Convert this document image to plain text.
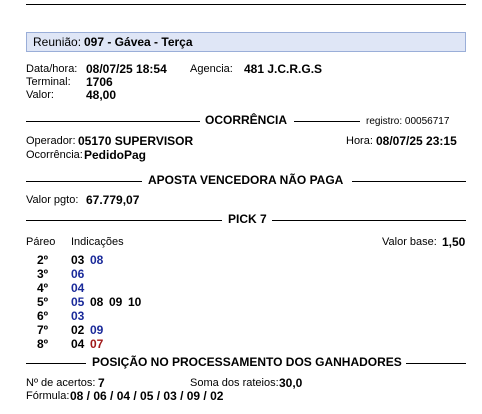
Reunião: 097 - Gávea - Terça
Data/hora: 08/07/25 18:54 Agencia: 481 J.C.R.G.S
Terminal: 1706
Valor:	48,00
OCORRÊNCIA	registro: 00056717
Operador: 05170 SUPERVISOR	Hora: 08/07/25 23:15
Ocorrência: PedidoPag
APOSTA VENCEDORA NÃO PAGA
Valor pgto: 67.779,07
PICK 7
Páreo Indicações	Valor base: 1,50
2º 03 08
3º 06
4º 04
5º 05 08 09 10
6º 03
7º 02 09
8º 04 07
POSIÇÃO NO PROCESSAMENTO DOS GANHADORES
Nº de acertos: 7	Soma dos rateios: 30,0
Fórmula: 08 / 06 / 04 / 05 / 03 / 09 / 02
